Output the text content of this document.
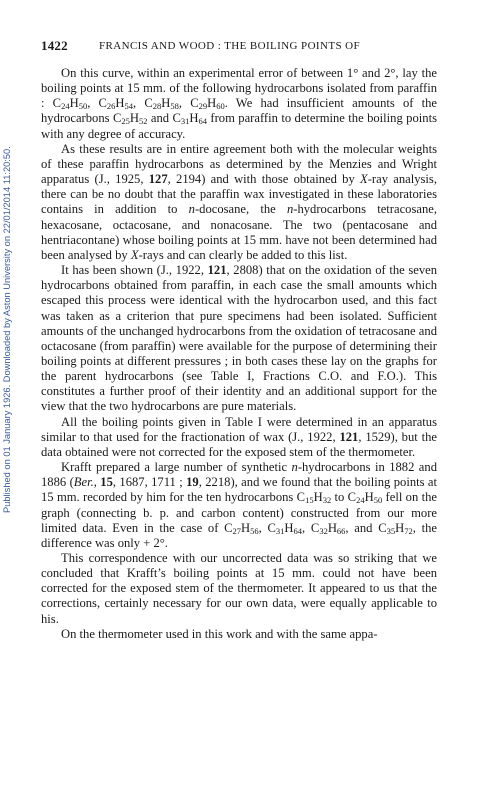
Published on 01 January 1926. Downloaded by Aston University on 22/01/2014 11:20:50.
1422	FRANCIS AND WOOD : THE BOILING POINTS OF

On this curve, within an experimental error of between 1° and 2°, lay the boiling points at 15 mm. of the following hydrocarbons isolated from paraffin : $C_{24}H_{50}$, $C_{26}H_{54}$, $C_{28}H_{58}$, $C_{29}H_{60}$. We had insufficient amounts of the hydrocarbons $C_{25}H_{52}$ and $C_{31}H_{64}$ from paraffin to determine the boiling points with any degree of accuracy.

As these results are in entire agreement both with the molecular weights of these paraffin hydrocarbons as determined by the Menzies and Wright apparatus (J., 1925, 127, 2194) and with those obtained by X-ray analysis, there can be no doubt that the paraffin wax investigated in these laboratories contains in addition to n-docosane, the n-hydrocarbons tetracosane, hexacosane, octacosane, and nonacosane. The two (pentacosane and hentriacontane) whose boiling points at 15 mm. have not been determined had been analysed by X-rays and can clearly be added to this list.

It has been shown (J., 1922, 121, 2808) that on the oxidation of the seven hydrocarbons obtained from paraffin, in each case the small amounts which escaped this process were identical with the hydrocarbon used, and this fact was taken as a criterion that pure specimens had been isolated. Sufficient amounts of the unchanged hydrocarbons from the oxidation of tetracosane and octacosane (from paraffin) were available for the purpose of determining their boiling points at different pressures ; in both cases these lay on the graphs for the parent hydrocarbons (see Table I, Fractions C.O. and F.O.). This constitutes a further proof of their identity and an additional support for the view that the two hydrocarbons are pure materials.

All the boiling points given in Table I were determined in an apparatus similar to that used for the fractionation of wax (J., 1922, 121, 1529), but the data obtained were not corrected for the exposed stem of the thermometer.

Krafft prepared a large number of synthetic n-hydrocarbons in 1882 and 1886 (Ber., 15, 1687, 1711 ; 19, 2218), and we found that the boiling points at 15 mm. recorded by him for the ten hydrocarbons $C_{15}H_{32}$ to $C_{24}H_{50}$ fell on the graph (connecting b. p. and carbon content) constructed from our more limited data. Even in the case of $C_{27}H_{56}$, $C_{31}H_{64}$, $C_{32}H_{66}$, and $C_{35}H_{72}$, the difference was only + 2°.

This correspondence with our uncorrected data was so striking that we concluded that Krafft’s boiling points at 15 mm. could not have been corrected for the exposed stem of the thermometer. It appeared to us that the corrections, certainly necessary for our own data, were equally applicable to his.

On the thermometer used in this work and with the same appa-
